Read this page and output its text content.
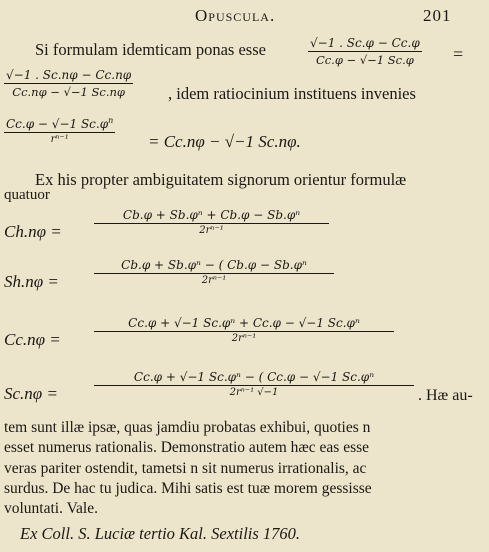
Opuscula.	201
Si formulam idemticam ponas esse	√−1 . Sc.φ − Cc.φ
Cc.φ − √−1 Sc.φ	=
√−1 . Sc.nφ − Cc.nφ
Cc.nφ − √−1 Sc.nφ	, idem ratiocinium instituens invenies
Cc.φ − √−1 $Sc.\varphi^n$
rⁿ⁻¹	= Cc.nφ − √−1 Sc.nφ.
Ex his propter ambiguitatem signorum orientur formulæ
quatuor
Ch.nφ =
Cb.φ + Sb.φⁿ + Cb.φ − Sb.φⁿ
2rⁿ⁻¹
Sh.nφ =
Cb.φ + Sb.φⁿ − ( Cb.φ − Sb.φⁿ
2rⁿ⁻¹
Cc.nφ =
Cc.φ + √−1 Sc.φⁿ + Cc.φ − √−1 Sc.φⁿ
2rⁿ⁻¹
Sc.nφ =
Cc.φ + √−1 Sc.φⁿ − ( Cc.φ − √−1 Sc.φⁿ
2rⁿ⁻¹ √−1	. Hæ au-
tem sunt illæ ipsæ, quas jamdiu probatas exhibui, quoties n
esset numerus rationalis. Demonstratio autem hæc eas esse
veras pariter ostendit, tametsi n sit numerus irrationalis, ac
surdus. De hac tu judica. Mihi satis est tuæ morem gessisse
voluntati. Vale.
Ex Coll. S. Luciæ tertio Kal. Sextilis 1760.
